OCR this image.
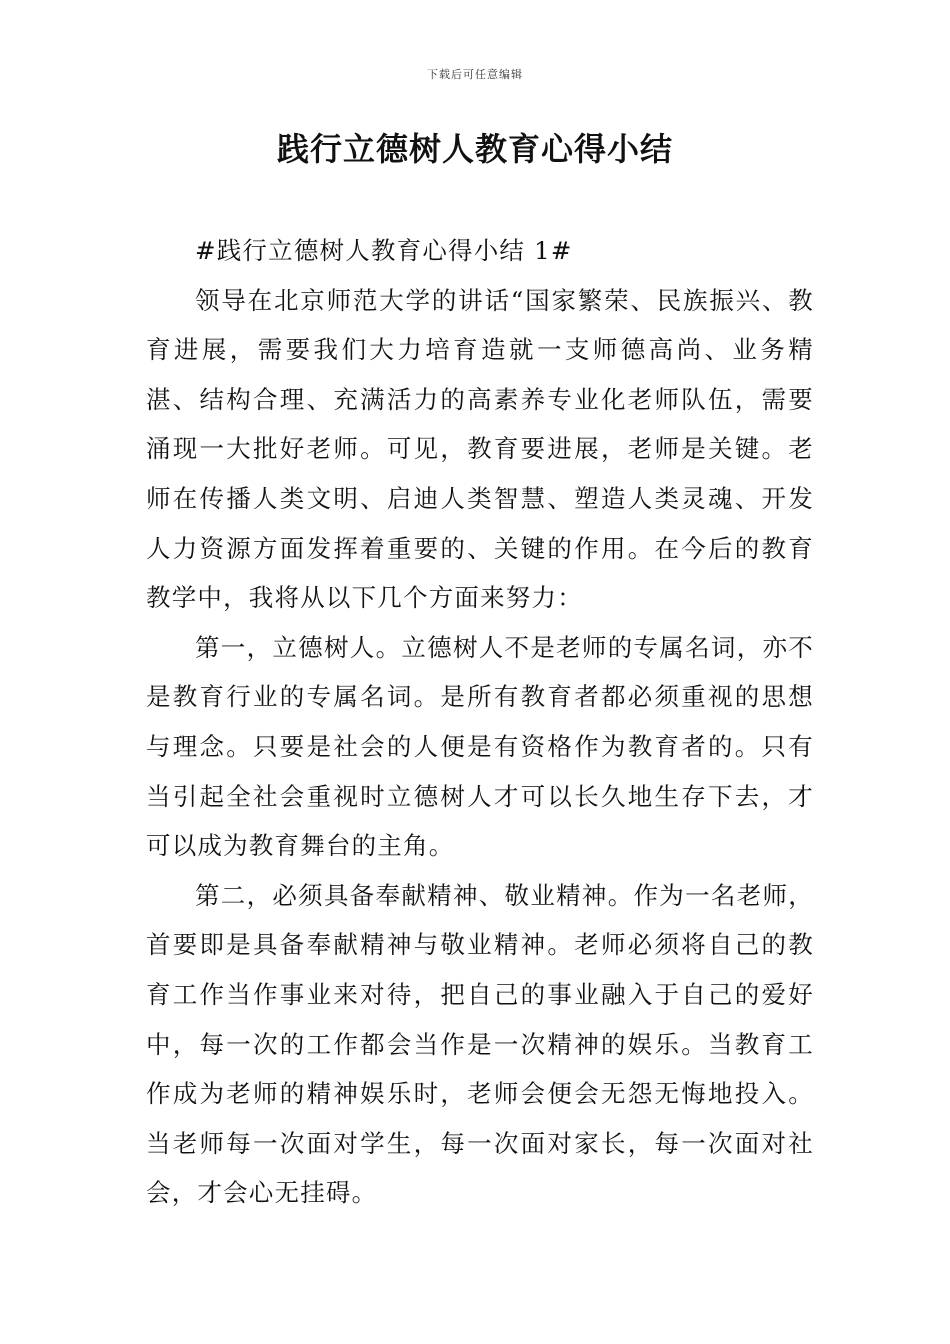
下载后可任意编辑
践行立德树人教育心得小结

#践行立德树人教育心得小结 1#

领导在北京师范大学的讲话“国家繁荣、民族振兴、教育进展，需要我们大力培育造就一支师德高尚、业务精湛、结构合理、充满活力的高素养专业化老师队伍，需要涌现一大批好老师。可见，教育要进展，老师是关键。老师在传播人类文明、启迪人类智慧、塑造人类灵魂、开发人力资源方面发挥着重要的、关键的作用。在今后的教育教学中，我将从以下几个方面来努力：

第一，立德树人。立德树人不是老师的专属名词，亦不是教育行业的专属名词。是所有教育者都必须重视的思想与理念。只要是社会的人便是有资格作为教育者的。只有当引起全社会重视时立德树人才可以长久地生存下去，才可以成为教育舞台的主角。

第二，必须具备奉献精神、敬业精神。作为一名老师，首要即是具备奉献精神与敬业精神。老师必须将自己的教育工作当作事业来对待，把自己的事业融入于自己的爱好中，每一次的工作都会当作是一次精神的娱乐。当教育工作成为老师的精神娱乐时，老师会便会无怨无悔地投入。当老师每一次面对学生，每一次面对家长，每一次面对社会，才会心无挂碍。
